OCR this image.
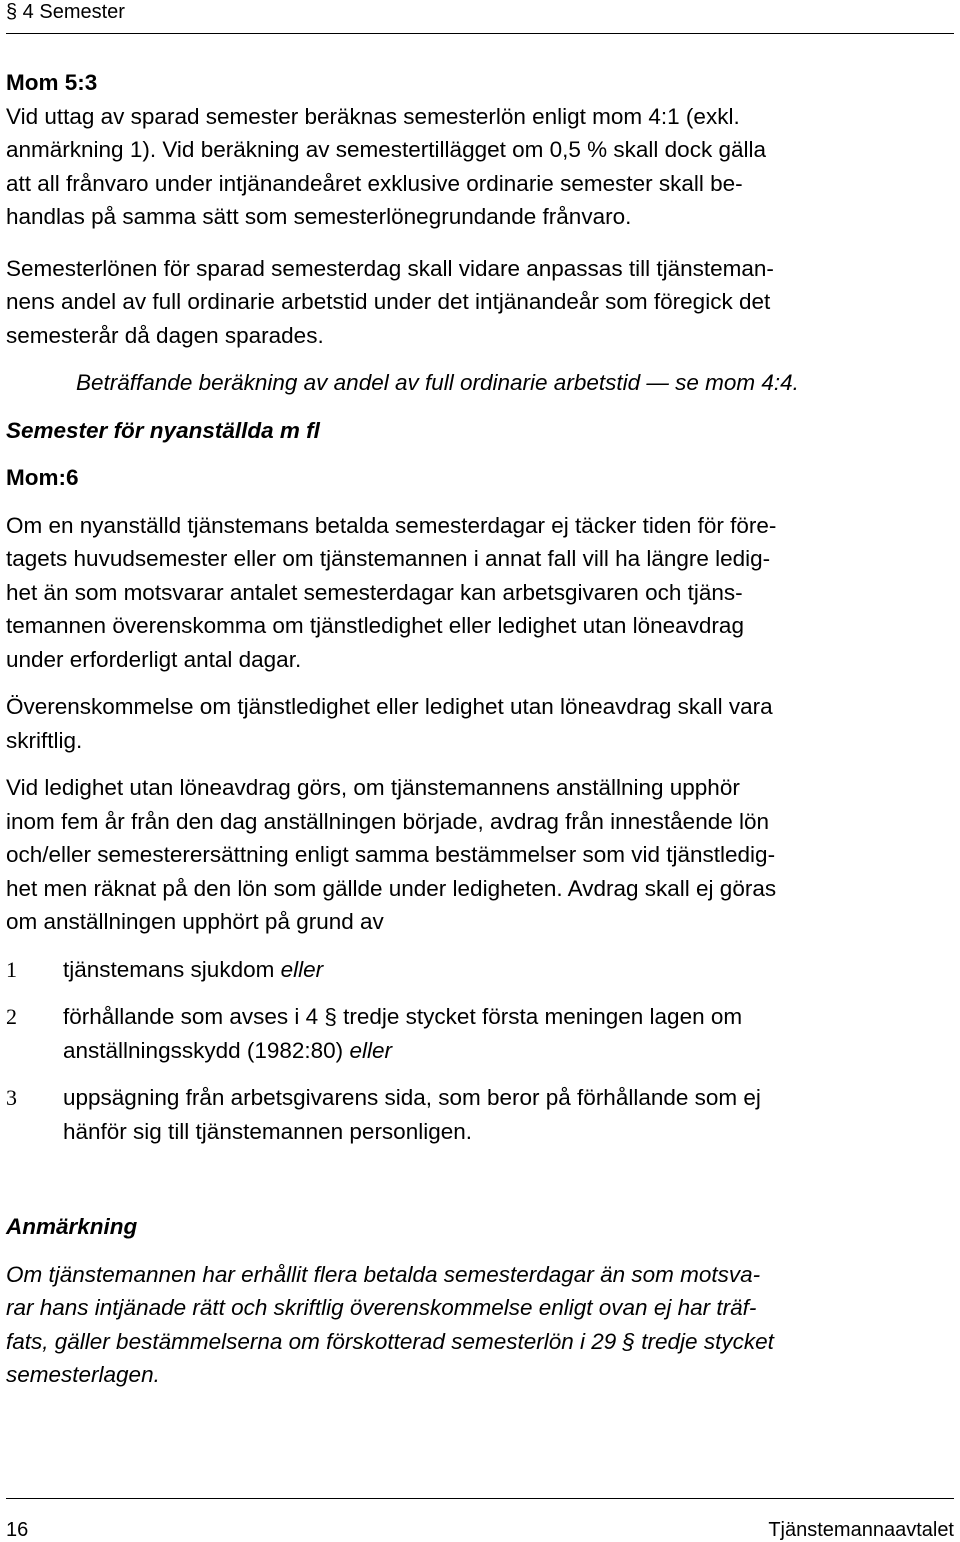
§ 4 Semester

Mom 5:3

Vid uttag av sparad semester beräknas semesterlön enligt mom 4:1 (exkl.

anmärkning 1). Vid beräkning av semestertillägget om 0,5 % skall dock gälla

att all frånvaro under intjänandeåret exklusive ordinarie semester skall be-

handlas på samma sätt som semesterlönegrundande frånvaro.

Semesterlönen för sparad semesterdag skall vidare anpassas till tjänsteman-

nens andel av full ordinarie arbetstid under det intjänandeår som föregick det

semesterår då dagen sparades.

Beträffande beräkning av andel av full ordinarie arbetstid — se mom 4:4.

Semester för nyanställda m fl

Mom:6

Om en nyanställd tjänstemans betalda semesterdagar ej täcker tiden för före-

tagets huvudsemester eller om tjänstemannen i annat fall vill ha längre ledig-

het än som motsvarar antalet semesterdagar kan arbetsgivaren och tjäns-

temannen överenskomma om tjänstledighet eller ledighet utan löneavdrag

under erforderligt antal dagar.

Överenskommelse om tjänstledighet eller ledighet utan löneavdrag skall vara

skriftlig.

Vid ledighet utan löneavdrag görs, om tjänstemannens anställning upphör

inom fem år från den dag anställningen började, avdrag från innestående lön

och/eller semesterersättning enligt samma bestämmelser som vid tjänstledig-

het men räknat på den lön som gällde under ledigheten. Avdrag skall ej göras

om anställningen upphört på grund av

1	tjänstemans sjukdom eller
2	förhållande som avses i 4 § tredje stycket första meningen lagen om
anställningsskydd (1982:80) eller
3	uppsägning från arbetsgivarens sida, som beror på förhållande som ej
hänför sig till tjänstemannen personligen.

Anmärkning

Om tjänstemannen har erhållit flera betalda semesterdagar än som motsva-

rar hans intjänade rätt och skriftlig överenskommelse enligt ovan ej har träf-

fats, gäller bestämmelserna om förskotterad semesterlön i 29 § tredje stycket

semesterlagen.

16	Tjänstemannaavtalet
